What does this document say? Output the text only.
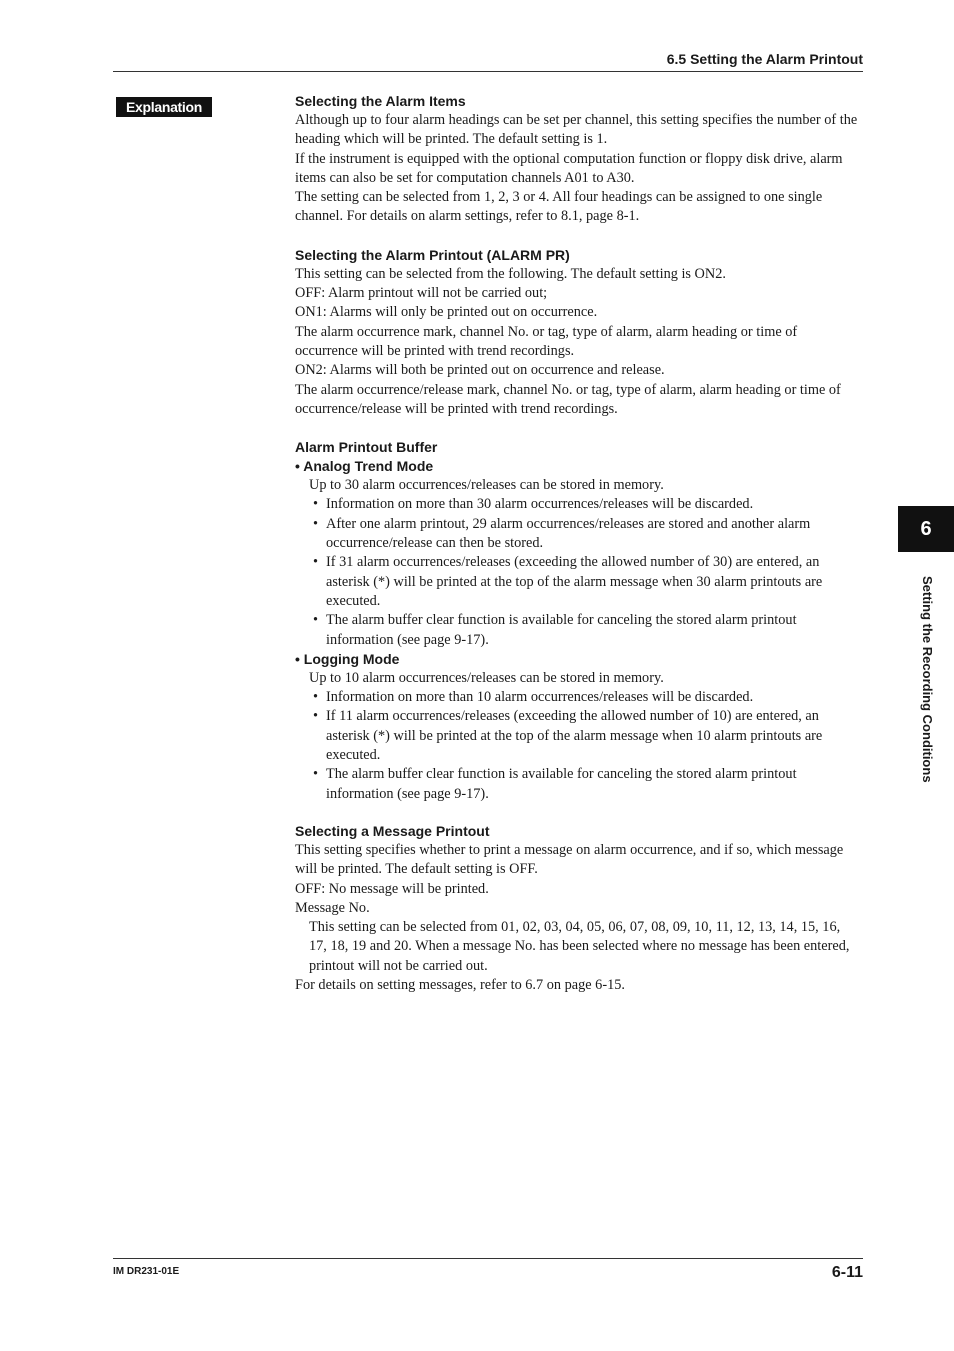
6.5 Setting the Alarm Printout
Explanation	Selecting the Alarm Items
Although up to four alarm headings can be set per channel, this setting specifies the number of the
heading which will be printed. The default setting is 1.
If the instrument is equipped with the optional computation function or floppy disk drive, alarm
items can also be set for computation channels A01 to A30.
The setting can be selected from 1, 2, 3 or 4. All four headings can be assigned to one single
channel. For details on alarm settings, refer to 8.1, page 8-1.
Selecting the Alarm Printout (ALARM PR)
This setting can be selected from the following. The default setting is ON2.
OFF: Alarm printout will not be carried out;
ON1: Alarms will only be printed out on occurrence.
The alarm occurrence mark, channel No. or tag, type of alarm, alarm heading or time of
occurrence will be printed with trend recordings.
ON2: Alarms will both be printed out on occurrence and release.
The alarm occurrence/release mark, channel No. or tag, type of alarm, alarm heading or time of
occurrence/release will be printed with trend recordings.
Alarm Printout Buffer
• Analog Trend Mode
Up to 30 alarm occurrences/releases can be stored in memory.
• Information on more than 30 alarm occurrences/releases will be discarded.
• After one alarm printout, 29 alarm occurrences/releases are stored and another alarm
occurrence/release can then be stored.
• If 31 alarm occurrences/releases (exceeding the allowed number of 30) are entered, an
asterisk (*) will be printed at the top of the alarm message when 30 alarm printouts are
executed.
• The alarm buffer clear function is available for canceling the stored alarm printout
information (see page 9-17).
• Logging Mode
Up to 10 alarm occurrences/releases can be stored in memory.
• Information on more than 10 alarm occurrences/releases will be discarded.
• If 11 alarm occurrences/releases (exceeding the allowed number of 10) are entered, an
asterisk (*) will be printed at the top of the alarm message when 10 alarm printouts are
executed.
• The alarm buffer clear function is available for canceling the stored alarm printout
information (see page 9-17).
Selecting a Message Printout
This setting specifies whether to print a message on alarm occurrence, and if so, which message
will be printed. The default setting is OFF.
OFF: No message will be printed.
Message No.
This setting can be selected from 01, 02, 03, 04, 05, 06, 07, 08, 09, 10, 11, 12, 13, 14, 15, 16,
17, 18, 19 and 20. When a message No. has been selected where no message has been entered,
printout will not be carried out.
For details on setting messages, refer to 6.7 on page 6-15.
6
Setting the Recording Conditions
IM DR231-01E	6-11
